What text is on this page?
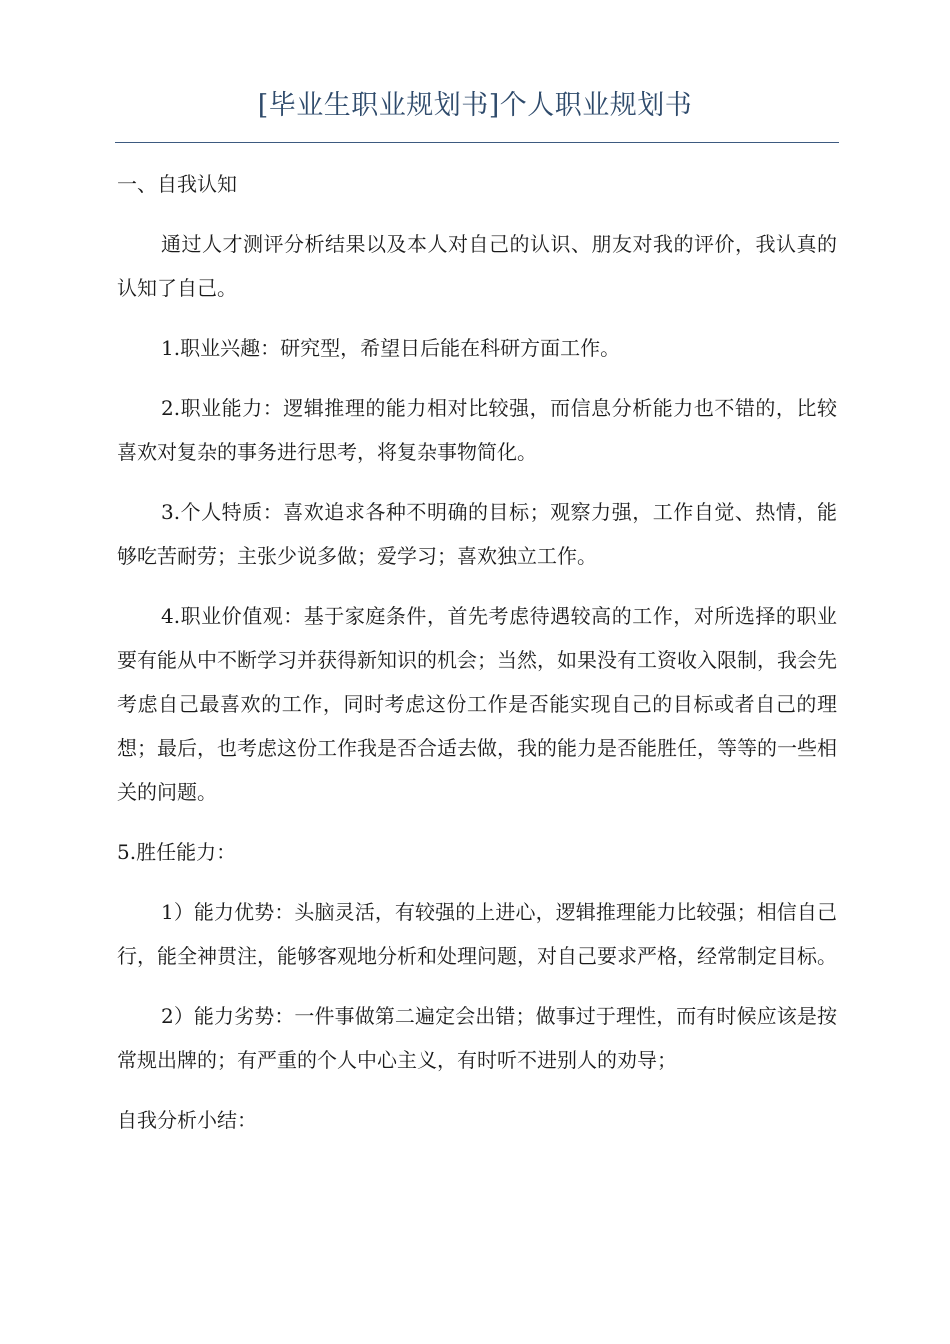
[毕业生职业规划书]个人职业规划书

一、自我认知

通过人才测评分析结果以及本人对自己的认识、朋友对我的评价，我认真的认知了自己。

1.职业兴趣：研究型，希望日后能在科研方面工作。

2.职业能力：逻辑推理的能力相对比较强，而信息分析能力也不错的，比较喜欢对复杂的事务进行思考，将复杂事物简化。

3.个人特质：喜欢追求各种不明确的目标；观察力强，工作自觉、热情，能够吃苦耐劳；主张少说多做；爱学习；喜欢独立工作。

4.职业价值观：基于家庭条件，首先考虑待遇较高的工作，对所选择的职业要有能从中不断学习并获得新知识的机会；当然，如果没有工资收入限制，我会先考虑自己最喜欢的工作，同时考虑这份工作是否能实现自己的目标或者自己的理想；最后，也考虑这份工作我是否合适去做，我的能力是否能胜任，等等的一些相关的问题。

5.胜任能力：

1）能力优势：头脑灵活，有较强的上进心，逻辑推理能力比较强；相信自己行，能全神贯注，能够客观地分析和处理问题，对自己要求严格，经常制定目标。

2）能力劣势：一件事做第二遍定会出错；做事过于理性，而有时候应该是按常规出牌的；有严重的个人中心主义，有时听不进别人的劝导；

自我分析小结：
